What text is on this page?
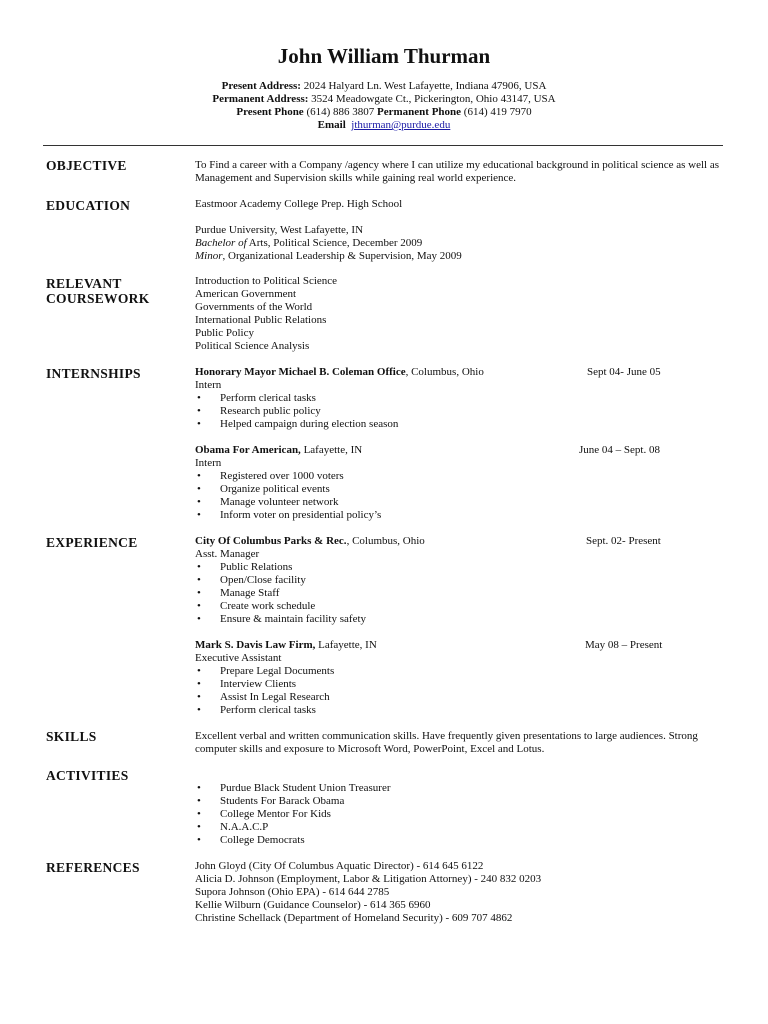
John William Thurman
Present Address: 2024 Halyard Ln. West Lafayette, Indiana 47906, USA
Permanent Address: 3524 Meadowgate Ct., Pickerington, Ohio 43147, USA
Present Phone (614) 886 3807 Permanent Phone (614) 419 7970
Email jthurman@purdue.edu
OBJECTIVE	To Find a career with a Company /agency where I can utilize my educational background in political science as well as Management and Supervision skills while gaining real world experience.
EDUCATION	Eastmoor Academy College Prep. High School
Purdue University, West Lafayette, IN
Bachelor of Arts, Political Science, December 2009
Minor, Organizational Leadership & Supervision, May 2009
RELEVANT
COURSEWORK
Introduction to Political Science
American Government
Governments of the World
International Public Relations
Public Policy
Political Science Analysis
INTERNSHIPS	Honorary Mayor Michael B. Coleman Office, Columbus, Ohio	Sept 04- June 05
Intern
• Perform clerical tasks
• Research public policy
• Helped campaign during election season
Obama For American, Lafayette, IN	June 04 – Sept. 08
Intern
• Registered over 1000 voters
• Organize political events
• Manage volunteer network
• Inform voter on presidential policy’s
EXPERIENCE	City Of Columbus Parks & Rec., Columbus, Ohio	Sept. 02- Present
Asst. Manager
• Public Relations
• Open/Close facility
• Manage Staff
• Create work schedule
• Ensure & maintain facility safety
Mark S. Davis Law Firm, Lafayette, IN	May 08 – Present
Executive Assistant
• Prepare Legal Documents
• Interview Clients
• Assist In Legal Research
• Perform clerical tasks
SKILLS	Excellent verbal and written communication skills. Have frequently given presentations to large audiences. Strong computer skills and exposure to Microsoft Word, PowerPoint, Excel and Lotus.
ACTIVITIES
• Purdue Black Student Union Treasurer
• Students For Barack Obama
• College Mentor For Kids
• N.A.A.C.P
• College Democrats
REFERENCES	John Gloyd (City Of Columbus Aquatic Director) - 614 645 6122
Alicia D. Johnson (Employment, Labor & Litigation Attorney) - 240 832 0203
Supora Johnson (Ohio EPA) - 614 644 2785
Kellie Wilburn (Guidance Counselor) - 614 365 6960
Christine Schellack (Department of Homeland Security) - 609 707 4862
